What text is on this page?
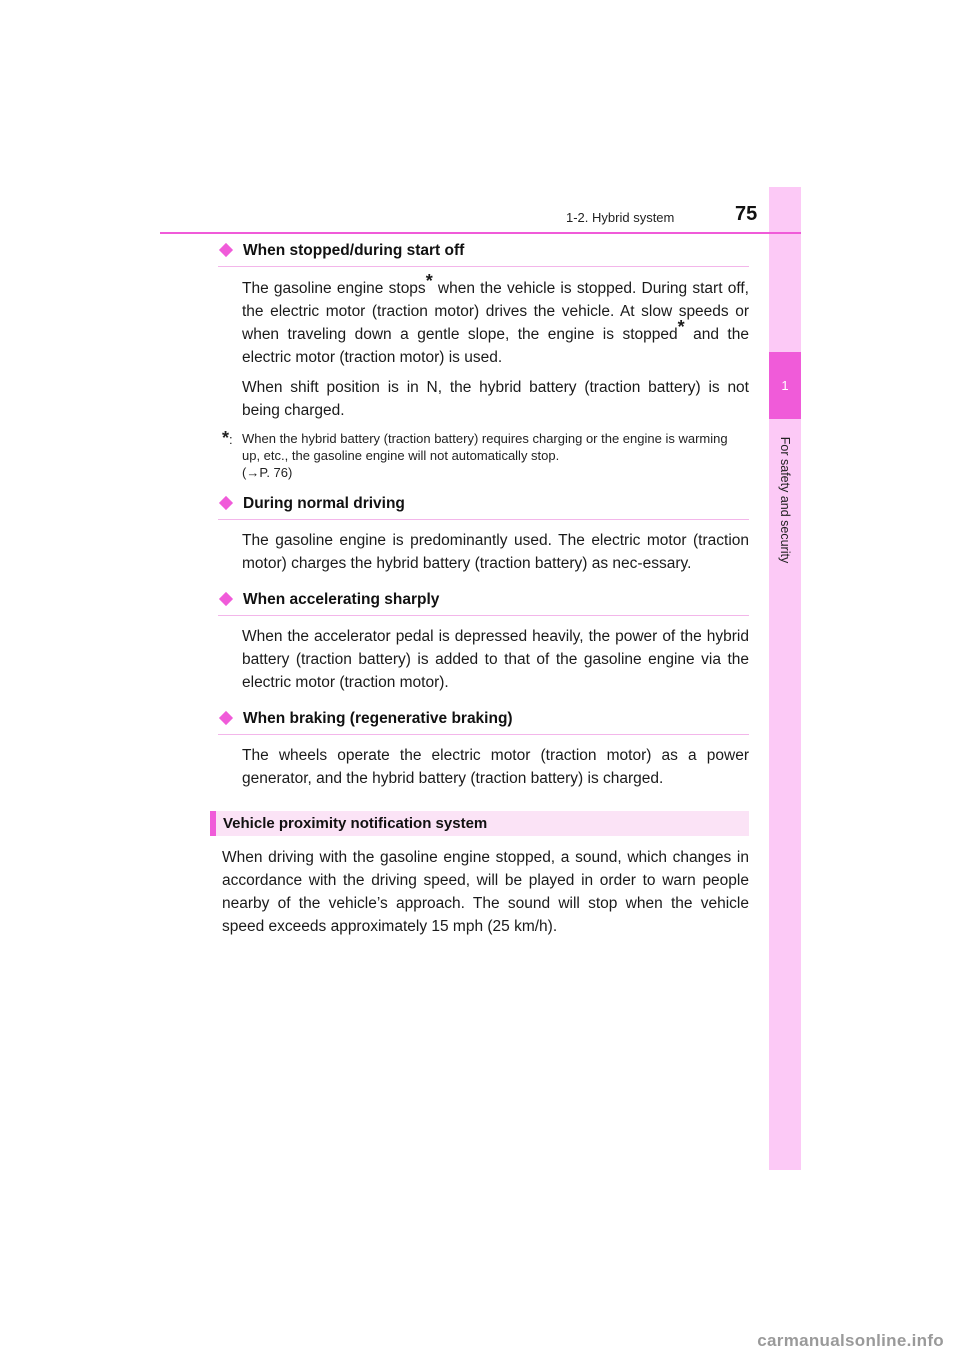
1
For safety and security
1-2. Hybrid system	75
When stopped/during start off

The gasoline engine stops* when the vehicle is stopped. During start off, the electric motor (traction motor) drives the vehicle. At slow speeds or when traveling down a gentle slope, the engine is stopped* and the electric motor (traction motor) is used.

When shift position is in N, the hybrid battery (traction battery) is not being charged.

*: When the hybrid battery (traction battery) requires charging or the engine is warming up, etc., the gasoline engine will not automatically stop.
(→P. 76)
During normal driving

The gasoline engine is predominantly used. The electric motor (traction motor) charges the hybrid battery (traction battery) as nec-essary.

When accelerating sharply

When the accelerator pedal is depressed heavily, the power of the hybrid battery (traction battery) is added to that of the gasoline engine via the electric motor (traction motor).

When braking (regenerative braking)

The wheels operate the electric motor (traction motor) as a power generator, and the hybrid battery (traction battery) is charged.

Vehicle proximity notification system

When driving with the gasoline engine stopped, a sound, which changes in accordance with the driving speed, will be played in order to warn people nearby of the vehicle’s approach. The sound will stop when the vehicle speed exceeds approximately 15 mph (25 km/h).

carmanualsonline.info
